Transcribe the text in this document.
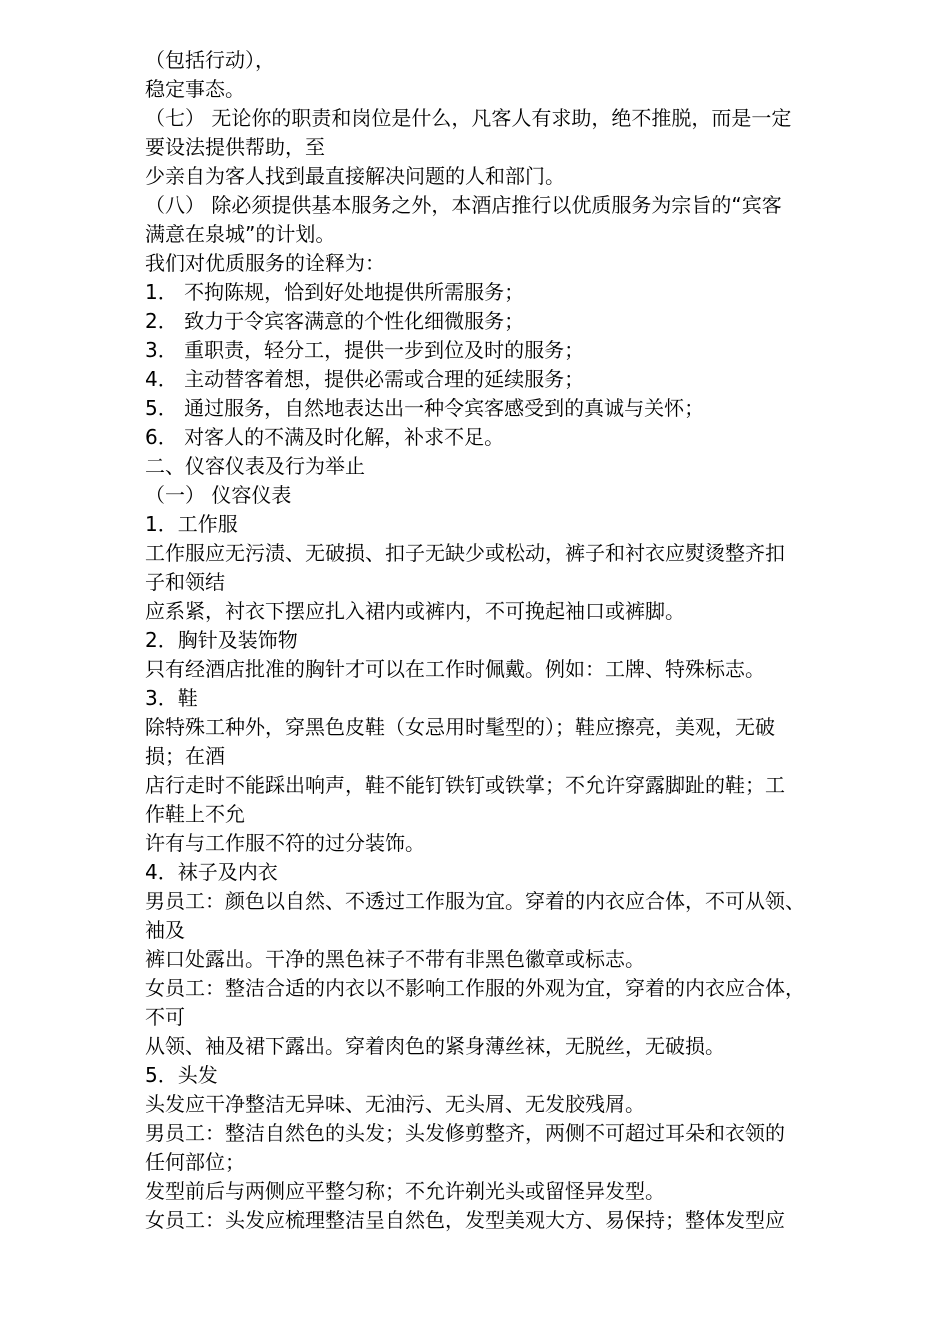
（包括行动），
稳定事态。
（七） 无论你的职责和岗位是什么，凡客人有求助，绝不推脱，而是一定
要设法提供帮助，至
少亲自为客人找到最直接解决问题的人和部门。
（八） 除必须提供基本服务之外，本酒店推行以优质服务为宗旨的“宾客
满意在泉城”的计划。
我们对优质服务的诠释为：
1． 不拘陈规，恰到好处地提供所需服务；
2． 致力于令宾客满意的个性化细微服务；
3． 重职责，轻分工，提供一步到位及时的服务；
4． 主动替客着想，提供必需或合理的延续服务；
5． 通过服务，自然地表达出一种令宾客感受到的真诚与关怀；
6． 对客人的不满及时化解，补求不足。
二、仪容仪表及行为举止
（一） 仪容仪表
1．工作服
工作服应无污渍、无破损、扣子无缺少或松动，裤子和衬衣应熨烫整齐扣
子和领结
应系紧，衬衣下摆应扎入裙内或裤内，不可挽起袖口或裤脚。
2．胸针及装饰物
只有经酒店批准的胸针才可以在工作时佩戴。例如：工牌、特殊标志。
3．鞋
除特殊工种外，穿黑色皮鞋（女忌用时髦型的）；鞋应擦亮，美观，无破
损；在酒
店行走时不能踩出响声，鞋不能钉铁钉或铁掌；不允许穿露脚趾的鞋；工
作鞋上不允
许有与工作服不符的过分装饰。
4．袜子及内衣
男员工：颜色以自然、不透过工作服为宜。穿着的内衣应合体，不可从领、
袖及
裤口处露出。干净的黑色袜子不带有非黑色徽章或标志。
女员工：整洁合适的内衣以不影响工作服的外观为宜，穿着的内衣应合体，
不可
从领、袖及裙下露出。穿着肉色的紧身薄丝袜，无脱丝，无破损。
5．头发
头发应干净整洁无异味、无油污、无头屑、无发胶残屑。
男员工：整洁自然色的头发；头发修剪整齐，两侧不可超过耳朵和衣领的
任何部位；
发型前后与两侧应平整匀称；不允许剃光头或留怪异发型。
女员工：头发应梳理整洁呈自然色，发型美观大方、易保持；整体发型应
